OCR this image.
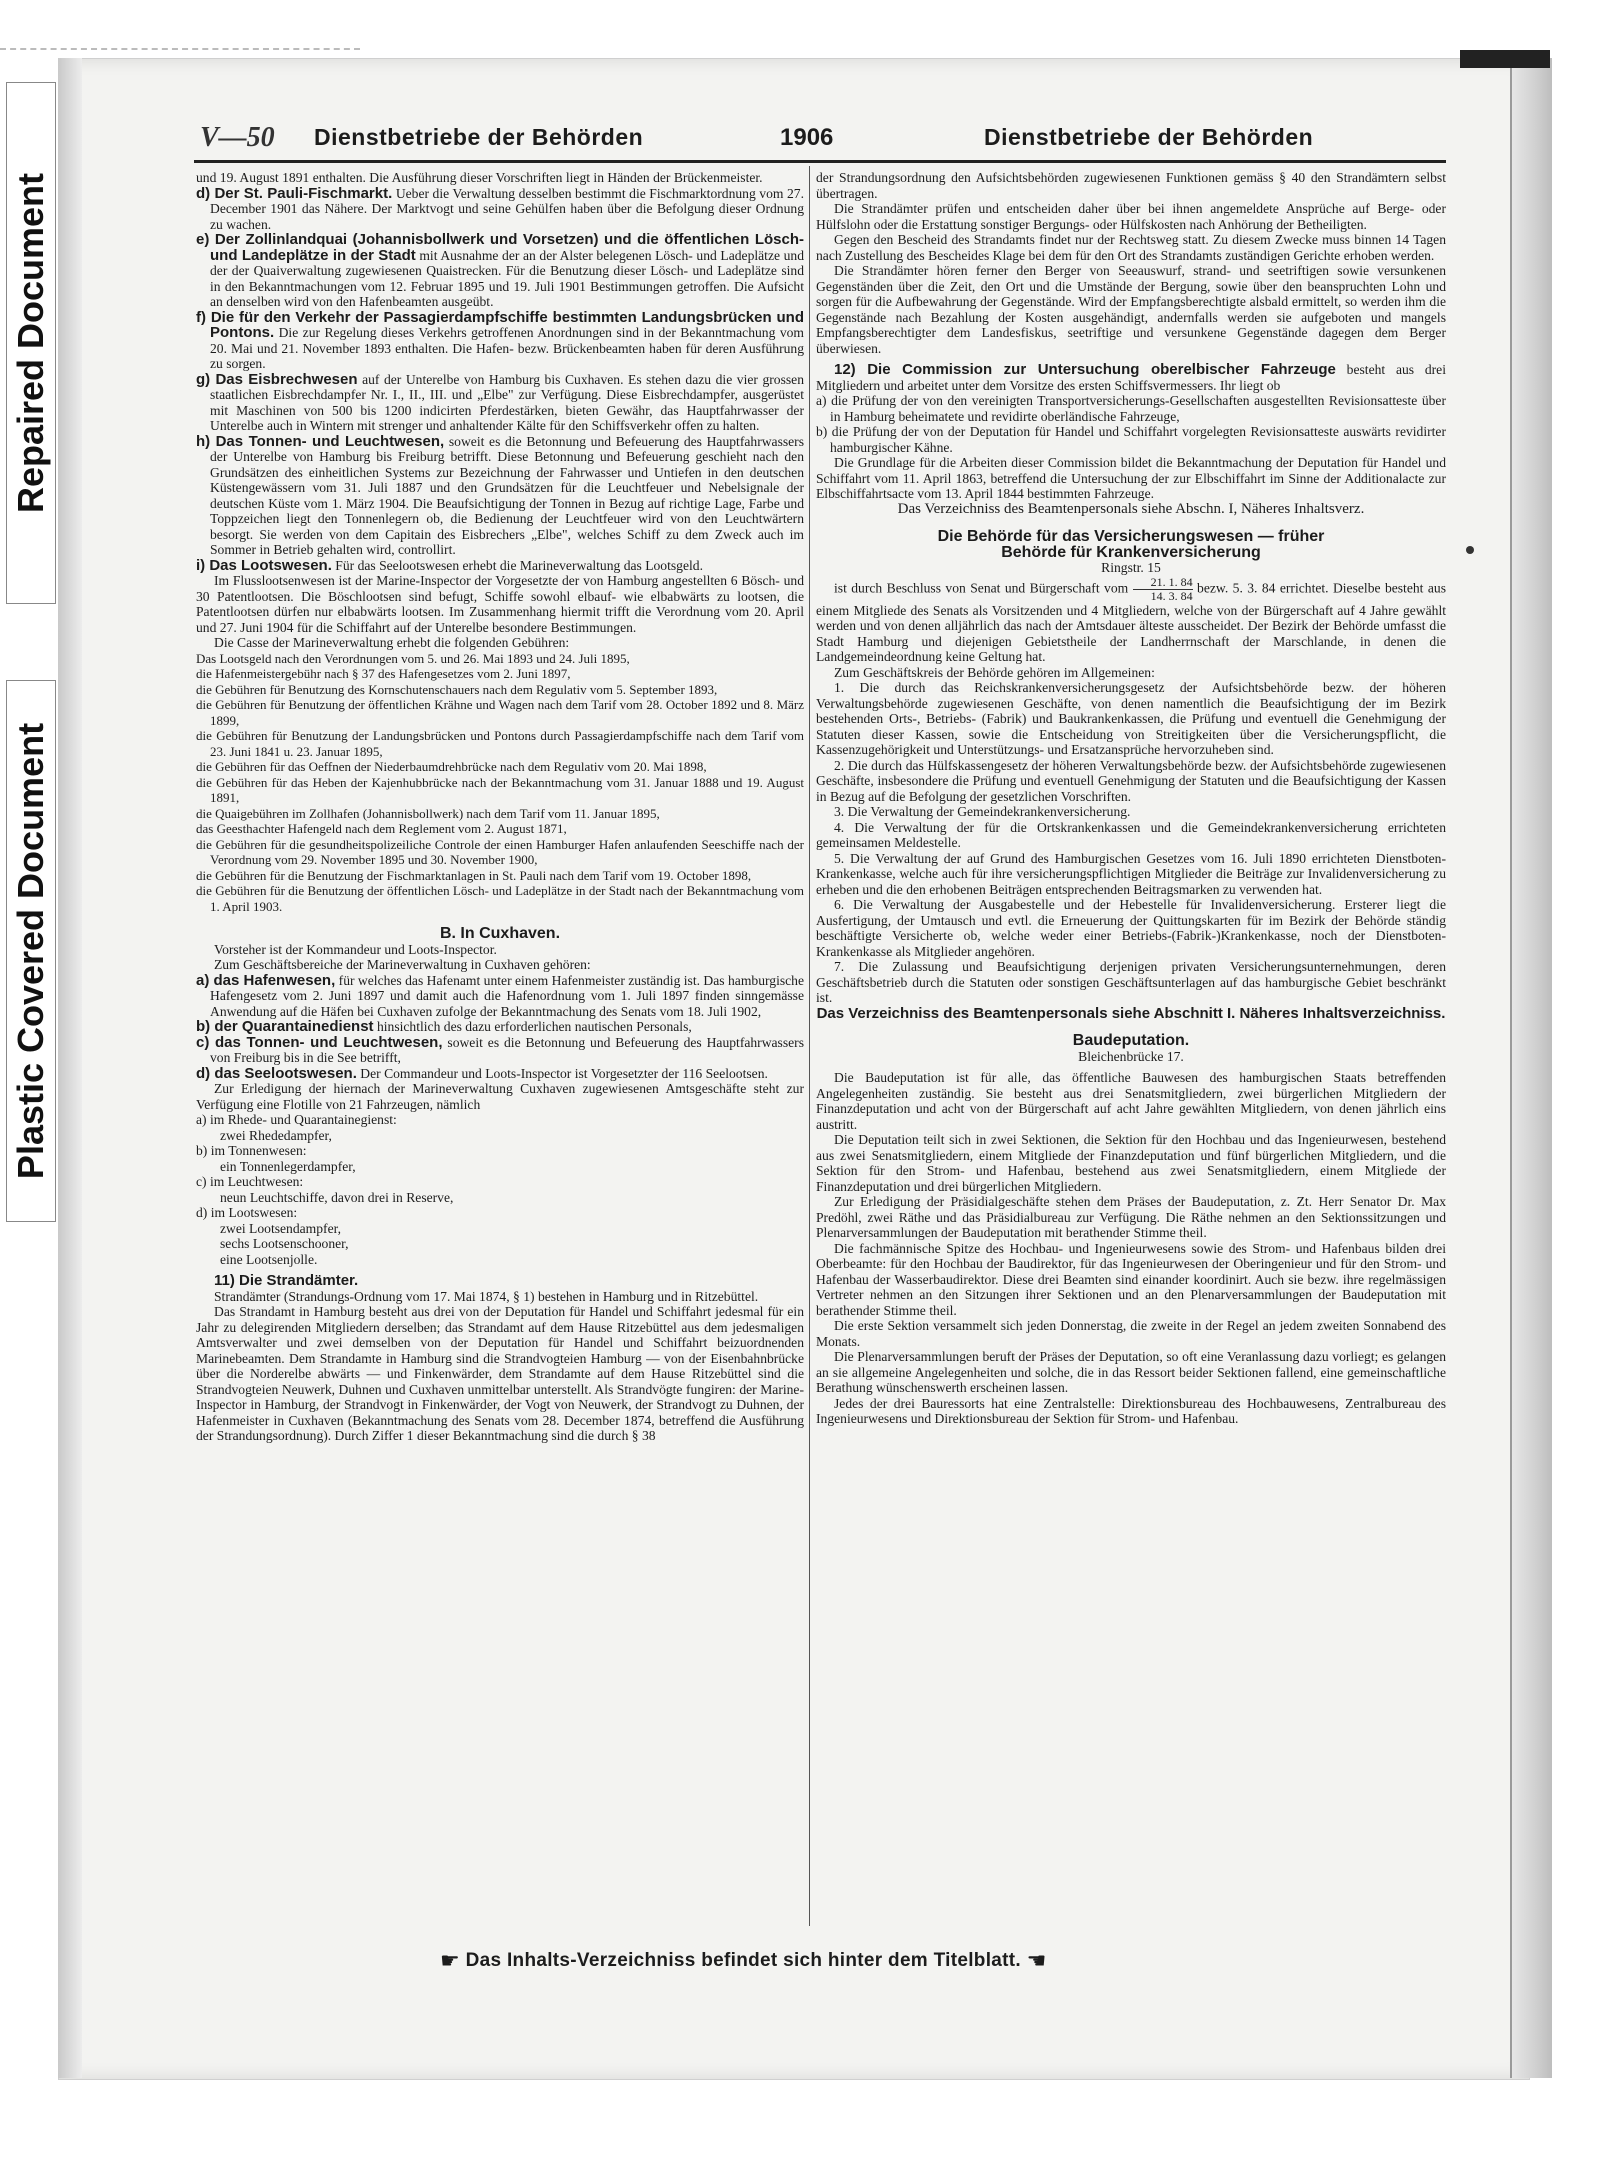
Repaired Document
Plastic Covered Document
V—50 Dienstbetriebe der Behörden	1906	Dienstbetriebe der Behörden

und 19. August 1891 enthalten. Die Ausführung dieser Vorschriften liegt in Händen der Brückenmeister.

d) Der St. Pauli-Fischmarkt. Ueber die Verwaltung desselben bestimmt die Fischmarktordnung vom 27. December 1901 das Nähere. Der Marktvogt und seine Gehülfen haben über die Befolgung dieser Ordnung zu wachen.

e) Der Zollinlandquai (Johannisbollwerk und Vorsetzen) und die öffentlichen Lösch- und Landeplätze in der Stadt mit Ausnahme der an der Alster belegenen Lösch- und Ladeplätze und der der Quaiverwaltung zugewiesenen Quaistrecken. Für die Benutzung dieser Lösch- und Ladeplätze sind in den Bekanntmachungen vom 12. Februar 1895 und 19. Juli 1901 Bestimmungen getroffen. Die Aufsicht an denselben wird von den Hafenbeamten ausgeübt.

f) Die für den Verkehr der Passagierdampfschiffe bestimmten Landungsbrücken und Pontons. Die zur Regelung dieses Verkehrs getroffenen Anordnungen sind in der Bekanntmachung vom 20. Mai und 21. November 1893 enthalten. Die Hafen- bezw. Brückenbeamten haben für deren Ausführung zu sorgen.

g) Das Eisbrechwesen auf der Unterelbe von Hamburg bis Cuxhaven. Es stehen dazu die vier grossen staatlichen Eisbrechdampfer Nr. I., II., III. und „Elbe" zur Verfügung. Diese Eisbrechdampfer, ausgerüstet mit Maschinen von 500 bis 1200 indicirten Pferdestärken, bieten Gewähr, das Hauptfahrwasser der Unterelbe auch in Wintern mit strenger und anhaltender Kälte für den Schiffsverkehr offen zu halten.

h) Das Tonnen- und Leuchtwesen, soweit es die Betonnung und Befeuerung des Hauptfahrwassers der Unterelbe von Hamburg bis Freiburg betrifft. Diese Betonnung und Befeuerung geschieht nach den Grundsätzen des einheitlichen Systems zur Bezeichnung der Fahrwasser und Untiefen in den deutschen Küstengewässern vom 31. Juli 1887 und den Grundsätzen für die Leuchtfeuer und Nebelsignale der deutschen Küste vom 1. März 1904. Die Beaufsichtigung der Tonnen in Bezug auf richtige Lage, Farbe und Toppzeichen liegt den Tonnenlegern ob, die Bedienung der Leuchtfeuer wird von den Leuchtwärtern besorgt. Sie werden von dem Capitain des Eisbrechers „Elbe", welches Schiff zu dem Zweck auch im Sommer in Betrieb gehalten wird, controllirt.

i) Das Lootswesen. Für das Seelootswesen erhebt die Marineverwaltung das Lootsgeld.

Im Flusslootsenwesen ist der Marine-Inspector der Vorgesetzte der von Hamburg angestellten 6 Bösch- und 30 Patentlootsen. Die Böschlootsen sind befugt, Schiffe sowohl elbauf- wie elbabwärts zu lootsen, die Patentlootsen dürfen nur elbabwärts lootsen. Im Zusammenhang hiermit trifft die Verordnung vom 20. April und 27. Juni 1904 für die Schiffahrt auf der Unterelbe besondere Bestimmungen.

Die Casse der Marineverwaltung erhebt die folgenden Gebühren:

Das Lootsgeld nach den Verordnungen vom 5. und 26. Mai 1893 und 24. Juli 1895,

die Hafenmeistergebühr nach § 37 des Hafengesetzes vom 2. Juni 1897,

die Gebühren für Benutzung des Kornschutenschauers nach dem Regulativ vom 5. September 1893,

die Gebühren für Benutzung der öffentlichen Krähne und Wagen nach dem Tarif vom 28. October 1892 und 8. März 1899,

die Gebühren für Benutzung der Landungsbrücken und Pontons durch Passagierdampfschiffe nach dem Tarif vom 23. Juni 1841 u. 23. Januar 1895,

die Gebühren für das Oeffnen der Niederbaumdrehbrücke nach dem Regulativ vom 20. Mai 1898,

die Gebühren für das Heben der Kajenhubbrücke nach der Bekanntmachung vom 31. Januar 1888 und 19. August 1891,

die Quaigebühren im Zollhafen (Johannisbollwerk) nach dem Tarif vom 11. Januar 1895,

das Geesthachter Hafengeld nach dem Reglement vom 2. August 1871,

die Gebühren für die gesundheitspolizeiliche Controle der einen Hamburger Hafen anlaufenden Seeschiffe nach der Verordnung vom 29. November 1895 und 30. November 1900,

die Gebühren für die Benutzung der Fischmarktanlagen in St. Pauli nach dem Tarif vom 19. October 1898,

die Gebühren für die Benutzung der öffentlichen Lösch- und Ladeplätze in der Stadt nach der Bekanntmachung vom 1. April 1903.

B. In Cuxhaven.

Vorsteher ist der Kommandeur und Loots-Inspector.

Zum Geschäftsbereiche der Marineverwaltung in Cuxhaven gehören:

a) das Hafenwesen, für welches das Hafenamt unter einem Hafenmeister zuständig ist. Das hamburgische Hafengesetz vom 2. Juni 1897 und damit auch die Hafenordnung vom 1. Juli 1897 finden sinngemässe Anwendung auf die Häfen bei Cuxhaven zufolge der Bekanntmachung des Senats vom 18. Juli 1902,

b) der Quarantainedienst hinsichtlich des dazu erforderlichen nautischen Personals,

c) das Tonnen- und Leuchtwesen, soweit es die Betonnung und Befeuerung des Hauptfahrwassers von Freiburg bis in die See betrifft,

d) das Seelootswesen. Der Commandeur und Loots-Inspector ist Vorgesetzter der 116 Seelootsen.

Zur Erledigung der hiernach der Marineverwaltung Cuxhaven zugewiesenen Amtsgeschäfte steht zur Verfügung eine Flotille von 21 Fahrzeugen, nämlich

a) im Rhede- und Quarantainegienst:

zwei Rhededampfer,

b) im Tonnenwesen:

ein Tonnenlegerdampfer,

c) im Leuchtwesen:

neun Leuchtschiffe, davon drei in Reserve,

d) im Lootswesen:

zwei Lootsendampfer,

sechs Lootsenschooner,

eine Lootsenjolle.

11) Die Strandämter.

Strandämter (Strandungs-Ordnung vom 17. Mai 1874, § 1) bestehen in Hamburg und in Ritzebüttel.

Das Strandamt in Hamburg besteht aus drei von der Deputation für Handel und Schiffahrt jedesmal für ein Jahr zu delegirenden Mitgliedern derselben; das Strandamt auf dem Hause Ritzebüttel aus dem jedesmaligen Amtsverwalter und zwei demselben von der Deputation für Handel und Schiffahrt beizuordnenden Marinebeamten. Dem Strandamte in Hamburg sind die Strandvogteien Hamburg — von der Eisenbahnbrücke über die Norderelbe abwärts — und Finkenwärder, dem Strandamte auf dem Hause Ritzebüttel sind die Strandvogteien Neuwerk, Duhnen und Cuxhaven unmittelbar unterstellt. Als Strandvögte fungiren: der Marine-Inspector in Hamburg, der Strandvogt in Finkenwärder, der Vogt von Neuwerk, der Strandvogt zu Duhnen, der Hafenmeister in Cuxhaven (Bekanntmachung des Senats vom 28. December 1874, betreffend die Ausführung der Strandungsordnung). Durch Ziffer 1 dieser Bekanntmachung sind die durch § 38

der Strandungsordnung den Aufsichtsbehörden zugewiesenen Funktionen gemäss § 40 den Strandämtern selbst übertragen.

Die Strandämter prüfen und entscheiden daher über bei ihnen angemeldete Ansprüche auf Berge- oder Hülfslohn oder die Erstattung sonstiger Bergungs- oder Hülfskosten nach Anhörung der Betheiligten.

Gegen den Bescheid des Strandamts findet nur der Rechtsweg statt. Zu diesem Zwecke muss binnen 14 Tagen nach Zustellung des Bescheides Klage bei dem für den Ort des Strandamts zuständigen Gerichte erhoben werden.

Die Strandämter hören ferner den Berger von Seeauswurf, strand- und seetriftigen sowie versunkenen Gegenständen über die Zeit, den Ort und die Umstände der Bergung, sowie über den beanspruchten Lohn und sorgen für die Aufbewahrung der Gegenstände. Wird der Empfangsberechtigte alsbald ermittelt, so werden ihm die Gegenstände nach Bezahlung der Kosten ausgehändigt, andernfalls werden sie aufgeboten und mangels Empfangsberechtigter dem Landesfiskus, seetriftige und versunkene Gegenstände dagegen dem Berger überwiesen.

12) Die Commission zur Untersuchung oberelbischer Fahrzeuge besteht aus drei Mitgliedern und arbeitet unter dem Vorsitze des ersten Schiffsvermessers. Ihr liegt ob

a) die Prüfung der von den vereinigten Transportversicherungs-Gesellschaften ausgestellten Revisionsatteste über in Hamburg beheimatete und revidirte oberländische Fahrzeuge,

b) die Prüfung der von der Deputation für Handel und Schiffahrt vorgelegten Revisionsatteste auswärts revidirter hamburgischer Kähne.

Die Grundlage für die Arbeiten dieser Commission bildet die Bekanntmachung der Deputation für Handel und Schiffahrt vom 11. April 1863, betreffend die Untersuchung der zur Elbschiffahrt im Sinne der Additionalacte zur Elbschiffahrtsacte vom 13. April 1844 bestimmten Fahrzeuge.

Das Verzeichniss des Beamtenpersonals siehe Abschn. I, Näheres Inhaltsverz.

Die Behörde für das Versicherungswesen — früher

Behörde für Krankenversicherung

Ringstr. 15

ist durch Beschluss von Senat und Bürgerschaft vom $\frac{21. 1. 84}{14. 3. 84}$ bezw. 5. 3. 84 errichtet. Dieselbe besteht aus einem Mitgliede des Senats als Vorsitzenden und 4 Mitgliedern, welche von der Bürgerschaft auf 4 Jahre gewählt werden und von denen alljährlich das nach der Amtsdauer älteste ausscheidet. Der Bezirk der Behörde umfasst die Stadt Hamburg und diejenigen Gebietstheile der Landherrnschaft der Marschlande, in denen die Landgemeindeordnung keine Geltung hat.

Zum Geschäftskreis der Behörde gehören im Allgemeinen:

1. Die durch das Reichskrankenversicherungsgesetz der Aufsichtsbehörde bezw. der höheren Verwaltungsbehörde zugewiesenen Geschäfte, von denen namentlich die Beaufsichtigung der im Bezirk bestehenden Orts-, Betriebs- (Fabrik) und Baukrankenkassen, die Prüfung und eventuell die Genehmigung der Statuten dieser Kassen, sowie die Entscheidung von Streitigkeiten über die Versicherungspflicht, die Kassenzugehörigkeit und Unterstützungs- und Ersatzansprüche hervorzuheben sind.

2. Die durch das Hülfskassengesetz der höheren Verwaltungsbehörde bezw. der Aufsichtsbehörde zugewiesenen Geschäfte, insbesondere die Prüfung und eventuell Genehmigung der Statuten und die Beaufsichtigung der Kassen in Bezug auf die Befolgung der gesetzlichen Vorschriften.

3. Die Verwaltung der Gemeindekrankenversicherung.

4. Die Verwaltung der für die Ortskrankenkassen und die Gemeindekrankenversicherung errichteten gemeinsamen Meldestelle.

5. Die Verwaltung der auf Grund des Hamburgischen Gesetzes vom 16. Juli 1890 errichteten Dienstboten-Krankenkasse, welche auch für ihre versicherungspflichtigen Mitglieder die Beiträge zur Invalidenversicherung zu erheben und die den erhobenen Beiträgen entsprechenden Beitragsmarken zu verwenden hat.

6. Die Verwaltung der Ausgabestelle und der Hebestelle für Invalidenversicherung. Ersterer liegt die Ausfertigung, der Umtausch und evtl. die Erneuerung der Quittungskarten für im Bezirk der Behörde ständig beschäftigte Versicherte ob, welche weder einer Betriebs-(Fabrik-)Krankenkasse, noch der Dienstboten-Krankenkasse als Mitglieder angehören.

7. Die Zulassung und Beaufsichtigung derjenigen privaten Versicherungsunternehmungen, deren Geschäftsbetrieb durch die Statuten oder sonstigen Geschäftsunterlagen auf das hamburgische Gebiet beschränkt ist.

Das Verzeichniss des Beamtenpersonals siehe Abschnitt I. Näheres Inhaltsverzeichniss.

Baudeputation.

Bleichenbrücke 17.

Die Baudeputation ist für alle, das öffentliche Bauwesen des hamburgischen Staats betreffenden Angelegenheiten zuständig. Sie besteht aus drei Senatsmitgliedern, zwei bürgerlichen Mitgliedern der Finanzdeputation und acht von der Bürgerschaft auf acht Jahre gewählten Mitgliedern, von denen jährlich eins austritt.

Die Deputation teilt sich in zwei Sektionen, die Sektion für den Hochbau und das Ingenieurwesen, bestehend aus zwei Senatsmitgliedern, einem Mitgliede der Finanzdeputation und fünf bürgerlichen Mitgliedern, und die Sektion für den Strom- und Hafenbau, bestehend aus zwei Senatsmitgliedern, einem Mitgliede der Finanzdeputation und drei bürgerlichen Mitgliedern.

Zur Erledigung der Präsidialgeschäfte stehen dem Präses der Baudeputation, z. Zt. Herr Senator Dr. Max Predöhl, zwei Räthe und das Präsidialbureau zur Verfügung. Die Räthe nehmen an den Sektionssitzungen und Plenarversammlungen der Baudeputation mit berathender Stimme theil.

Die fachmännische Spitze des Hochbau- und Ingenieurwesens sowie des Strom- und Hafenbaus bilden drei Oberbeamte: für den Hochbau der Baudirektor, für das Ingenieurwesen der Oberingenieur und für den Strom- und Hafenbau der Wasserbaudirektor. Diese drei Beamten sind einander koordinirt. Auch sie bezw. ihre regelmässigen Vertreter nehmen an den Sitzungen ihrer Sektionen und an den Plenarversammlungen der Baudeputation mit berathender Stimme theil.

Die erste Sektion versammelt sich jeden Donnerstag, die zweite in der Regel an jedem zweiten Sonnabend des Monats.

Die Plenarversammlungen beruft der Präses der Deputation, so oft eine Veranlassung dazu vorliegt; es gelangen an sie allgemeine Angelegenheiten und solche, die in das Ressort beider Sektionen fallend, eine gemeinschaftliche Berathung wünschenswerth erscheinen lassen.

Jedes der drei Bauressorts hat eine Zentralstelle: Direktionsbureau des Hochbauwesens, Zentralbureau des Ingenieurwesens und Direktionsbureau der Sektion für Strom- und Hafenbau.

☛ Das Inhalts-Verzeichniss befindet sich hinter dem Titelblatt. ☚
